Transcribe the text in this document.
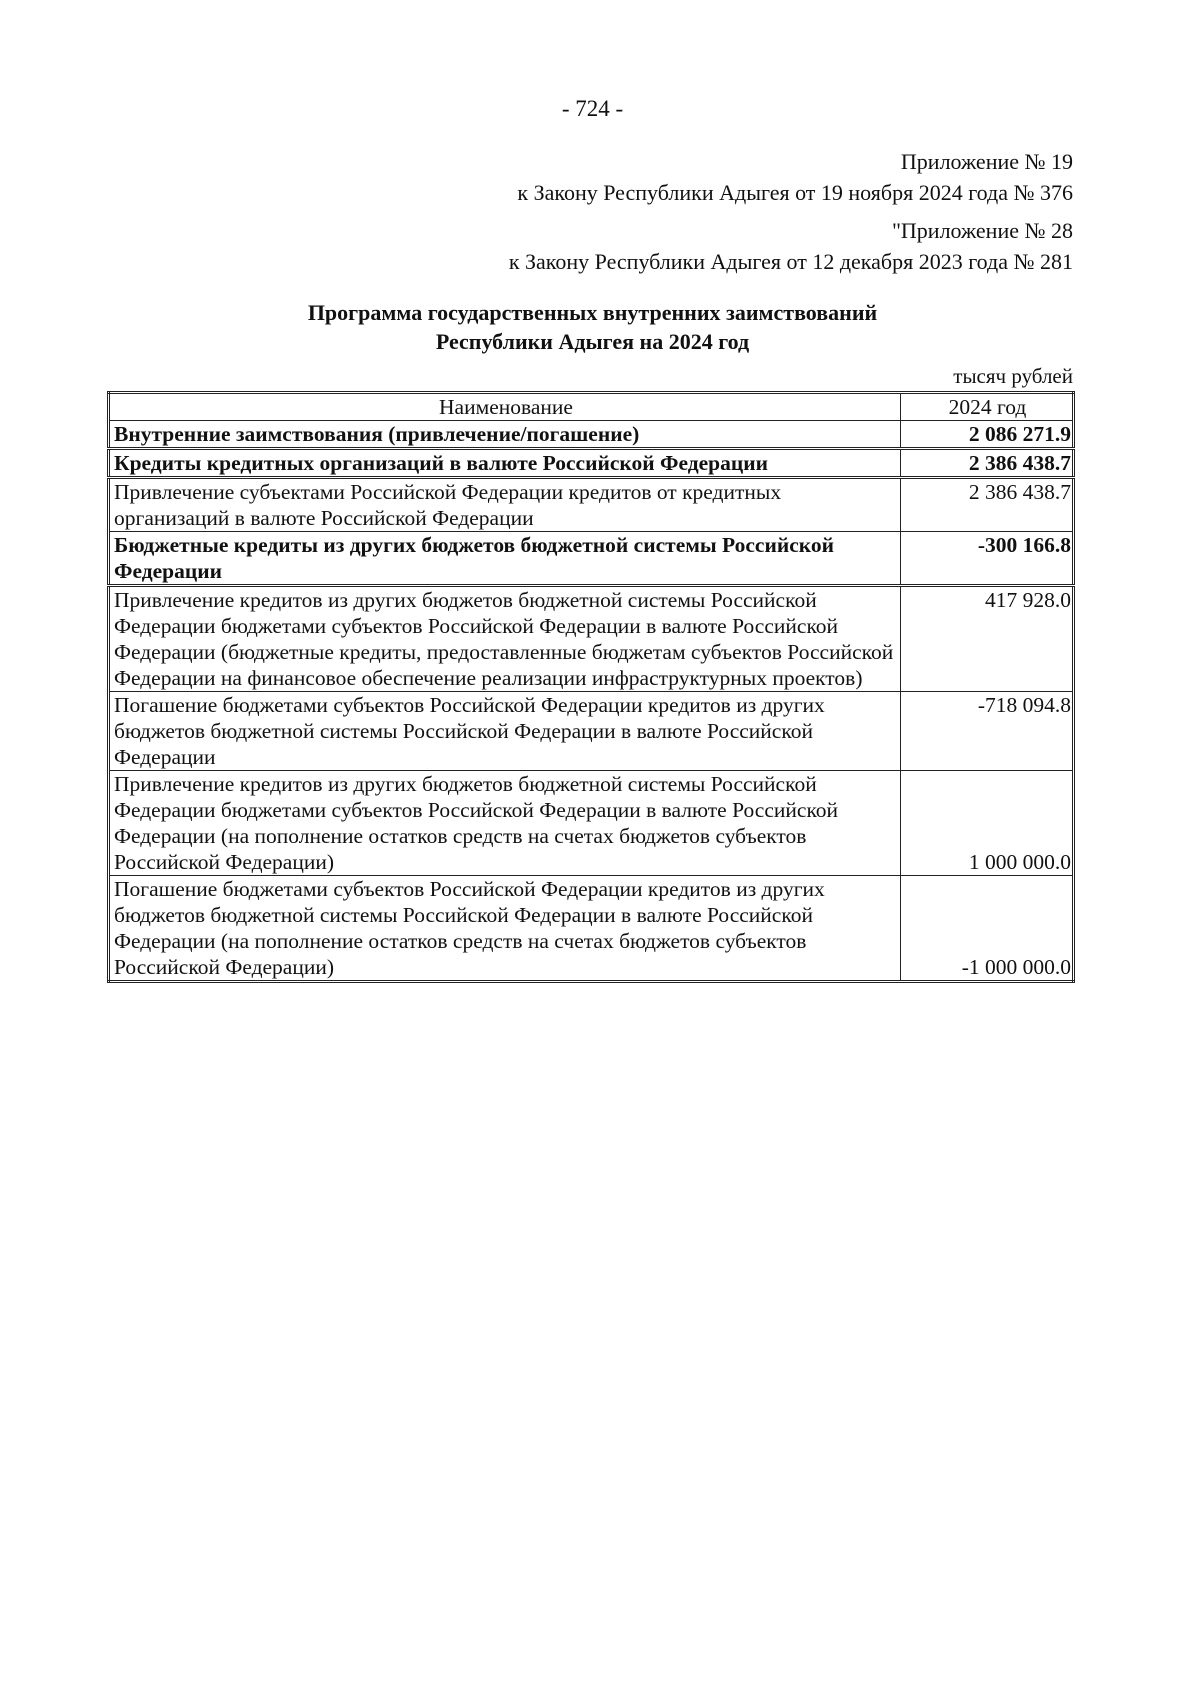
- 724 -
Приложение № 19
к Закону Республики Адыгея от 19 ноября 2024 года № 376
"Приложение № 28
к Закону Республики Адыгея от 12 декабря 2023 года № 281
Программа государственных внутренних заимствований
Республики Адыгея на 2024 год
тысяч рублей
Наименование	2024 год
Внутренние заимствования (привлечение/погашение)	2 086 271.9
Кредиты кредитных организаций в валюте Российской Федерации	2 386 438.7
Привлечение субъектами Российской Федерации кредитов от кредитных организаций в валюте Российской Федерации	2 386 438.7
Бюджетные кредиты из других бюджетов бюджетной системы Российской Федерации	-300 166.8
Привлечение кредитов из других бюджетов бюджетной системы Российской Федерации бюджетами субъектов Российской Федерации в валюте Российской Федерации (бюджетные кредиты, предоставленные бюджетам субъектов Российской Федерации на финансовое обеспечение реализации инфраструктурных проектов)	417 928.0
Погашение бюджетами субъектов Российской Федерации кредитов из других бюджетов бюджетной системы Российской Федерации в валюте Российской Федерации	-718 094.8
Привлечение кредитов из других бюджетов бюджетной системы Российской Федерации бюджетами субъектов Российской Федерации в валюте Российской Федерации (на пополнение остатков средств на счетах бюджетов субъектов Российской Федерации)	1 000 000.0
Погашение бюджетами субъектов Российской Федерации кредитов из других бюджетов бюджетной системы Российской Федерации в валюте Российской Федерации (на пополнение остатков средств на счетах бюджетов субъектов Российской Федерации)	-1 000 000.0
